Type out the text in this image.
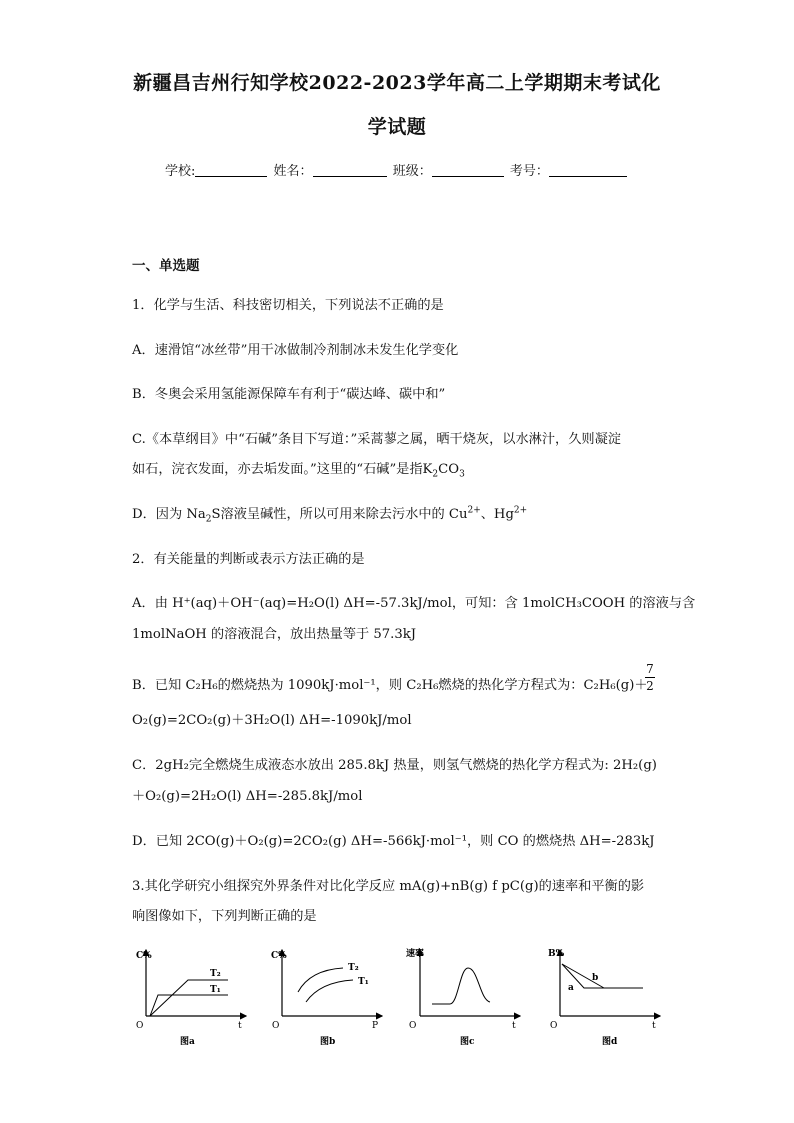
新疆昌吉州行知学校2022-2023学年高二上学期期末考试化
学试题
学校:	姓名：	班级：	考号：
一、单选题
1．化学与生活、科技密切相关，下列说法不正确的是
A．速滑馆“冰丝带”用干冰做制冷剂制冰未发生化学变化
B．冬奥会采用氢能源保障车有利于“碳达峰、碳中和”
C.《本草纲目》中“石碱”条目下写道：”采蒿蓼之属，晒干烧灰，以水淋汁，久则凝淀
如石，浣衣发面，亦去垢发面。”这里的“石碱”是指$K_2CO_3$
D．因为 $Na_2S$溶液呈碱性，所以可用来除去污水中的 $Cu^{2+}$、$Hg^{2+}$
2．有关能量的判断或表示方法正确的是
A．由 H⁺(aq)＋OH⁻(aq)=H₂O(l) ΔH=-57.3kJ/mol，可知：含 1molCH₃COOH 的溶液与含
1molNaOH 的溶液混合，放出热量等于 57.3kJ
B．已知 C₂H₆的燃烧热为 1090kJ·mol⁻¹，则 C₂H₆燃烧的热化学方程式为：C₂H₆(g)＋
7
2
O₂(g)=2CO₂(g)＋3H₂O(l) ΔH=-1090kJ/mol
C．2gH₂完全燃烧生成液态水放出 285.8kJ 热量，则氢气燃烧的热化学方程式为: 2H₂(g)
＋O₂(g)=2H₂O(l) ΔH=-285.8kJ/mol
D．已知 2CO(g)＋O₂(g)=2CO₂(g) ΔH=-566kJ·mol⁻¹，则 CO 的燃烧热 ΔH=-283kJ
3.其化学研究小组探究外界条件对比化学反应 mA(g)+nB(g) f pC(g)的速率和平衡的影
响图像如下，下列判断正确的是
C%
t
O
T₂
T₁
图a
C%
P
O
T₂
T₁
图b
速率
t
O
图c
B%
t
O
b
a
图d
